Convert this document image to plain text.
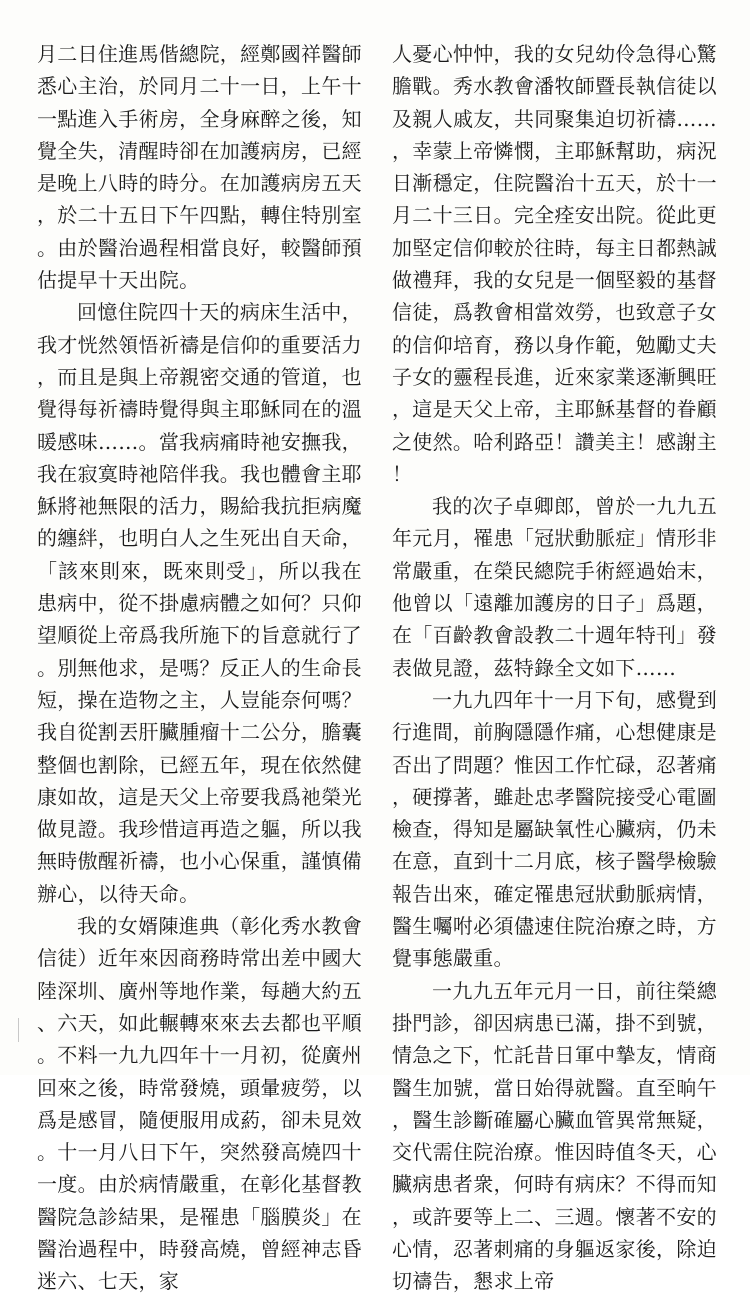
月二日住進馬偕總院，經鄭國祥醫師悉心主治，於同月二十一日，上午十一點進入手術房，全身麻醉之後，知覺全失，清醒時卻在加護病房，已經是晚上八時的時分。在加護病房五天，於二十五日下午四點，轉住特別室。由於醫治過程相當良好，較醫師預估提早十天出院。

回憶住院四十天的病床生活中，我才恍然領悟祈禱是信仰的重要活力，而且是與上帝親密交通的管道，也覺得每祈禱時覺得與主耶穌同在的溫暖感味……。當我病痛時祂安撫我，我在寂寞時祂陪伴我。我也體會主耶穌將祂無限的活力，賜給我抗拒病魔的纏絆，也明白人之生死出自天命，「該來則來，既來則受」，所以我在患病中，從不掛慮病體之如何？只仰望順從上帝爲我所施下的旨意就行了。別無他求，是嗎？反正人的生命長短，操在造物之主，人豈能奈何嗎？我自從割丟肝臟腫瘤十二公分，膽囊整個也割除，已經五年，現在依然健康如故，這是天父上帝要我爲祂榮光做見證。我珍惜這再造之軀，所以我無時傲醒祈禱，也小心保重，謹慎備辦心，以待天命。

我的女婿陳進典（彰化秀水教會信徒）近年來因商務時常出差中國大陸深圳、廣州等地作業，每趟大約五、六天，如此輾轉來來去去都也平順。不料一九九四年十一月初，從廣州回來之後，時常發燒，頭暈疲勞，以爲是感冒，隨便服用成葯，卻未見效。十一月八日下午，突然發高燒四十一度。由於病情嚴重，在彰化基督教醫院急診結果，是罹患「腦膜炎」在醫治過程中，時發高燒，曾經神志昏迷六、七天，家

人憂心忡忡，我的女兒幼伶急得心驚膽戰。秀水教會潘牧師暨長執信徒以及親人戚友，共同聚集迫切祈禱……，幸蒙上帝憐憫，主耶穌幫助，病況日漸穩定，住院醫治十五天，於十一月二十三日。完全痊安出院。從此更加堅定信仰較於往時，每主日都熱誠做禮拜，我的女兒是一個堅毅的基督信徒，爲教會相當效勞，也致意子女的信仰培育，務以身作範，勉勵丈夫子女的靈程長進，近來家業逐漸興旺，這是天父上帝，主耶穌基督的眷顧之使然。哈利路亞！讚美主！感謝主！

我的次子卓卿郎，曾於一九九五年元月，罹患「冠狀動脈症」情形非常嚴重，在榮民總院手術經過始末，他曾以「遠離加護房的日子」爲題，在「百齡教會設教二十週年特刊」發表做見證，茲特錄全文如下……

一九九四年十一月下旬，感覺到行進間，前胸隱隱作痛，心想健康是否出了問題？惟因工作忙碌，忍著痛，硬撐著，雖赴忠孝醫院接受心電圖檢查，得知是屬缺氧性心臟病，仍未在意，直到十二月底，核子醫學檢驗報告出來，確定罹患冠狀動脈病情，醫生囑咐必須儘速住院治療之時，方覺事態嚴重。

一九九五年元月一日，前往榮總掛門診，卻因病患已滿，掛不到號，情急之下，忙託昔日軍中摯友，情商醫生加號，當日始得就醫。直至晌午，醫生診斷確屬心臟血管異常無疑，交代需住院治療。惟因時值冬天，心臟病患者衆，何時有病床？不得而知，或許要等上二、三週。懷著不安的心情，忍著刺痛的身軀返家後，除迫切禱告，懇求上帝
